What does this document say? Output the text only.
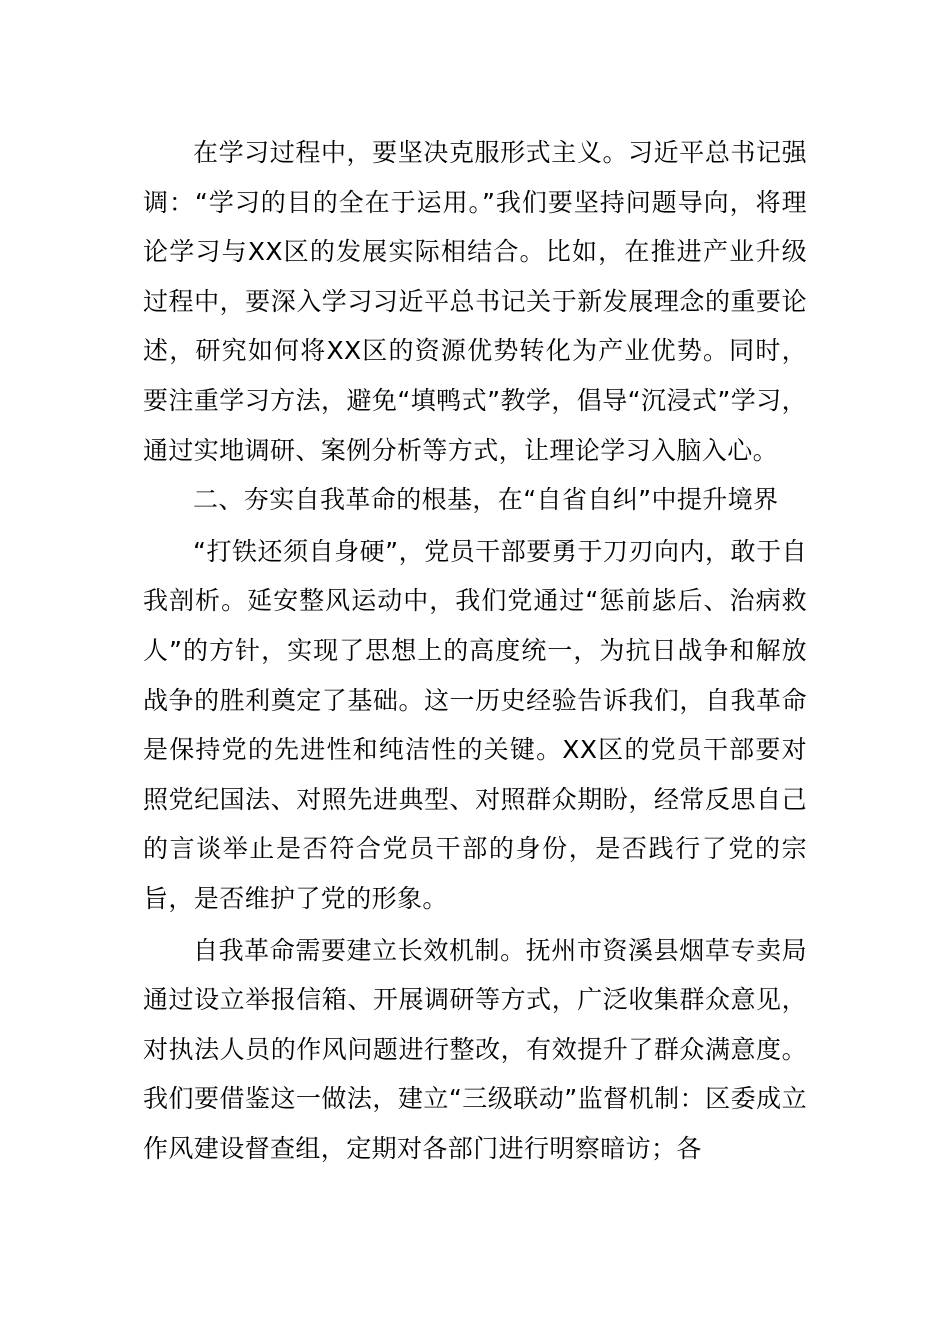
在学习过程中，要坚决克服形式主义。习近平总书记强调：“学习的目的全在于运用。”我们要坚持问题导向，将理论学习与XX区的发展实际相结合。比如，在推进产业升级过程中，要深入学习习近平总书记关于新发展理念的重要论述，研究如何将XX区的资源优势转化为产业优势。同时，要注重学习方法，避免“填鸭式”教学，倡导“沉浸式”学习，通过实地调研、案例分析等方式，让理论学习入脑入心。

二、夯实自我革命的根基，在“自省自纠”中提升境界

“打铁还须自身硬”，党员干部要勇于刀刃向内，敢于自我剖析。延安整风运动中，我们党通过“惩前毖后、治病救人”的方针，实现了思想上的高度统一，为抗日战争和解放战争的胜利奠定了基础。这一历史经验告诉我们，自我革命是保持党的先进性和纯洁性的关键。XX区的党员干部要对照党纪国法、对照先进典型、对照群众期盼，经常反思自己的言谈举止是否符合党员干部的身份，是否践行了党的宗旨，是否维护了党的形象。

自我革命需要建立长效机制。抚州市资溪县烟草专卖局通过设立举报信箱、开展调研等方式，广泛收集群众意见，对执法人员的作风问题进行整改，有效提升了群众满意度。我们要借鉴这一做法，建立“三级联动”监督机制：区委成立作风建设督查组，定期对各部门进行明察暗访；各
